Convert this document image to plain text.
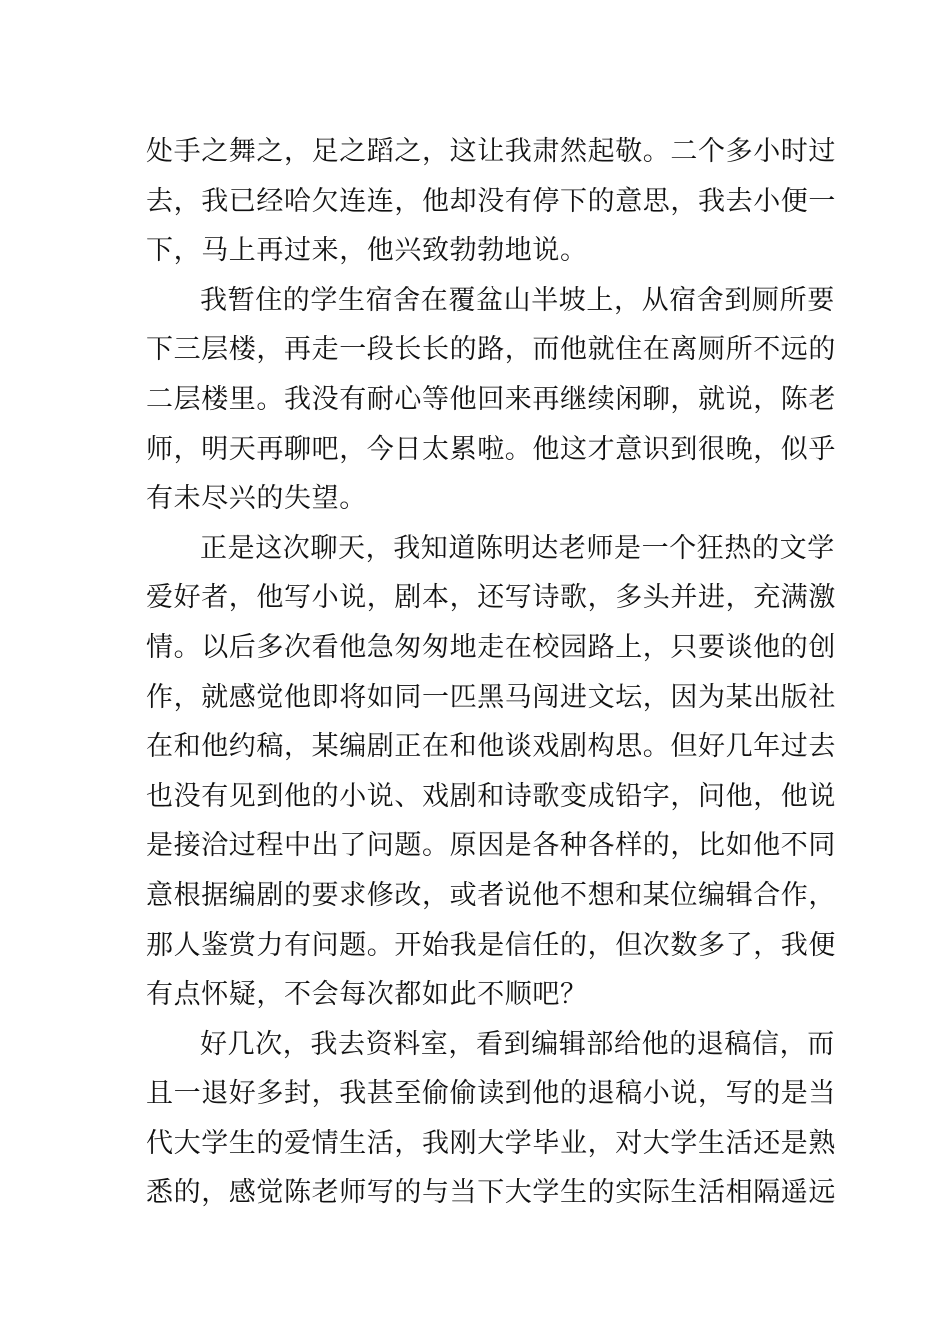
处手之舞之，足之蹈之，这让我肃然起敬。二个多小时过
去，我已经哈欠连连，他却没有停下的意思，我去小便一
下，马上再过来，他兴致勃勃地说。
我暂住的学生宿舍在覆盆山半坡上，从宿舍到厕所要
下三层楼，再走一段长长的路，而他就住在离厕所不远的
二层楼里。我没有耐心等他回来再继续闲聊，就说，陈老
师，明天再聊吧，今日太累啦。他这才意识到很晚，似乎
有未尽兴的失望。
正是这次聊天，我知道陈明达老师是一个狂热的文学
爱好者，他写小说，剧本，还写诗歌，多头并进，充满激
情。以后多次看他急匆匆地走在校园路上，只要谈他的创
作，就感觉他即将如同一匹黑马闯进文坛，因为某出版社
在和他约稿，某编剧正在和他谈戏剧构思。但好几年过去
也没有见到他的小说、戏剧和诗歌变成铅字，问他，他说
是接洽过程中出了问题。原因是各种各样的，比如他不同
意根据编剧的要求修改，或者说他不想和某位编辑合作，
那人鉴赏力有问题。开始我是信任的，但次数多了，我便
有点怀疑，不会每次都如此不顺吧？
好几次，我去资料室，看到编辑部给他的退稿信，而
且一退好多封，我甚至偷偷读到他的退稿小说，写的是当
代大学生的爱情生活，我刚大学毕业，对大学生活还是熟
悉的，感觉陈老师写的与当下大学生的实际生活相隔遥远
